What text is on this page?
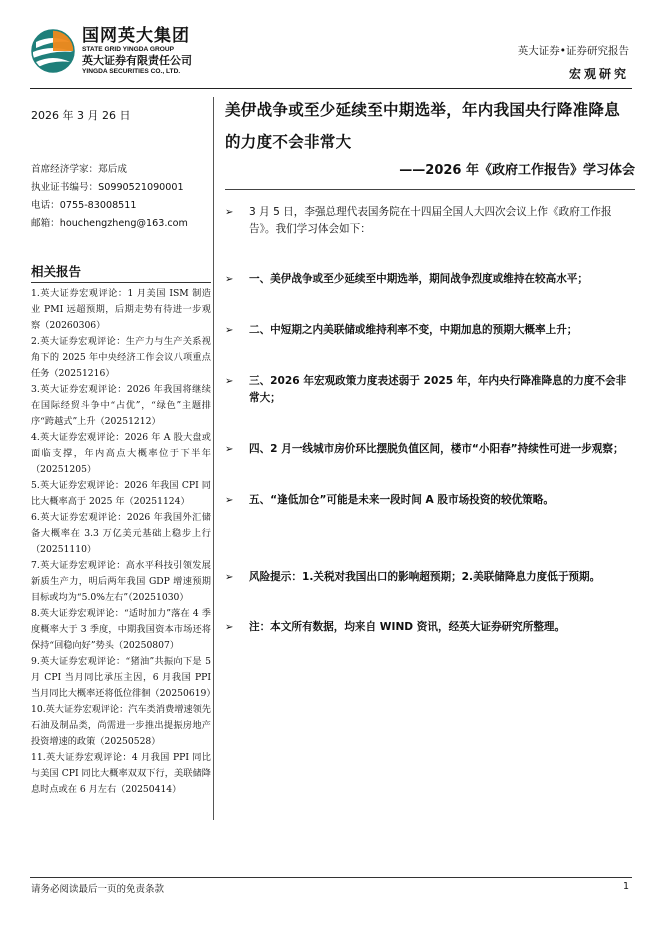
国网英大集团
STATE GRID YINGDA GROUP
英大证券有限责任公司
YINGDA SECURITIES CO., LTD.
英大证券•证券研究报告
宏观研究
2026 年 3 月 26 日
首席经济学家：郑后成
执业证书编号：S0990521090001
电话：0755-83008511
邮箱：houchengzheng@163.com
相关报告
1.英大证券宏观评论：1 月美国 ISM 制造业 PMI 远超预期，后期走势有待进一步观察（20260306）
2.英大证券宏观评论：生产力与生产关系视角下的 2025 年中央经济工作会议八项重点任务（20251216）
3.英大证券宏观评论：2026 年我国将继续在国际经贸斗争中“占优”，“绿色”主题排序“跨越式”上升（20251212）
4.英大证券宏观评论：2026 年 A 股大盘或面临支撑，年内高点大概率位于下半年（20251205）
5.英大证券宏观评论：2026 年我国 CPI 同比大概率高于 2025 年（20251124）
6.英大证券宏观评论：2026 年我国外汇储备大概率在 3.3 万亿美元基础上稳步上行（20251110）
7.英大证券宏观评论：高水平科技引领发展新质生产力，明后两年我国 GDP 增速预期目标或均为“5.0%左右”（20251030）
8.英大证券宏观评论：“适时加力”落在 4 季度概率大于 3 季度，中期我国资本市场还将保持“回稳向好”势头（20250807）
9.英大证券宏观评论：“猪油”共振向下是 5 月 CPI 当月同比承压主因，6 月我国 PPI 当月同比大概率还将低位徘徊（20250619）
10.英大证券宏观评论：汽车类消费增速领先石油及制品类，尚需进一步推出提振房地产投资增速的政策（20250528）
11.英大证券宏观评论：4 月我国 PPI 同比与美国 CPI 同比大概率双双下行，美联储降息时点或在 6 月左右（20250414）
美伊战争或至少延续至中期选举，年内我国央行降准降息的力度不会非常大
——2026 年《政府工作报告》学习体会
➢ 3 月 5 日，李强总理代表国务院在十四届全国人大四次会议上作《政府工作报告》。我们学习体会如下：
➢ 一、美伊战争或至少延续至中期选举，期间战争烈度或维持在较高水平；
➢ 二、中短期之内美联储或维持利率不变，中期加息的预期大概率上升；
➢ 三、2026 年宏观政策力度表述弱于 2025 年，年内央行降准降息的力度不会非常大；
➢ 四、2 月一线城市房价环比摆脱负值区间，楼市“小阳春”持续性可进一步观察；
➢ 五、“逢低加仓”可能是未来一段时间 A 股市场投资的较优策略。
➢ 风险提示：1.关税对我国出口的影响超预期；2.美联储降息力度低于预期。
➢ 注：本文所有数据，均来自 WIND 资讯，经英大证券研究所整理。
请务必阅读最后一页的免责条款	1
